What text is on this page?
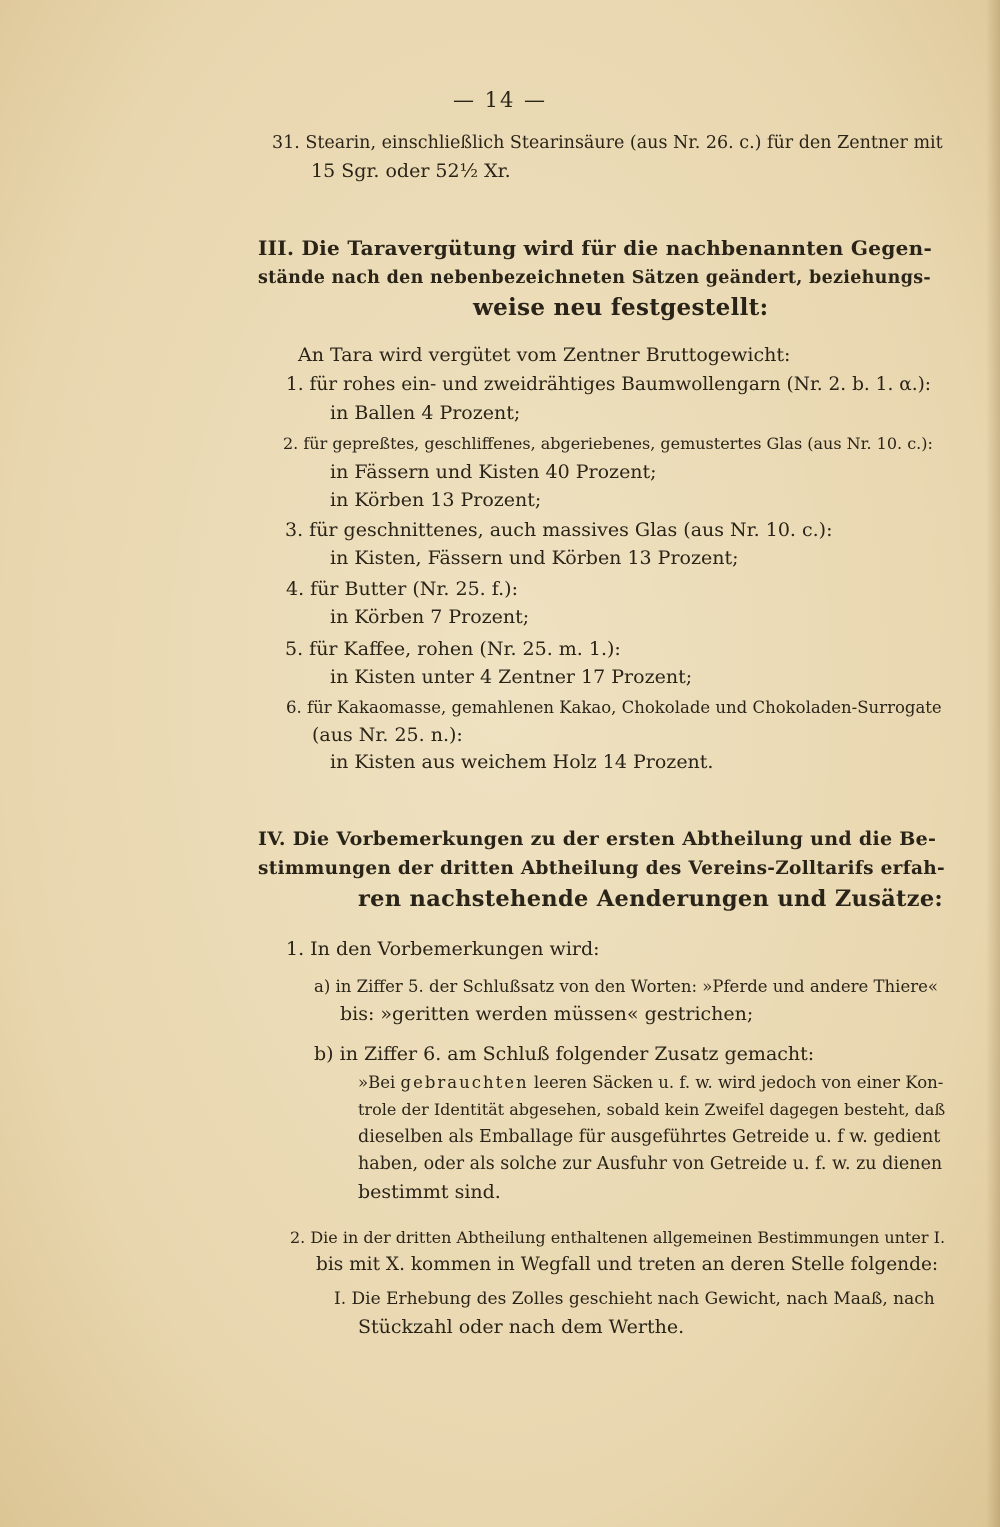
— 14 —
31. Stearin, einschließlich Stearinsäure (aus Nr. 26. c.) für den Zentner mit
15 Sgr. oder 52½ Xr.
III. Die Taravergütung wird für die nachbenannten Gegen-
stände nach den nebenbezeichneten Sätzen geändert, beziehungs-
weise neu festgestellt:
An Tara wird vergütet vom Zentner Bruttogewicht:
1. für rohes ein- und zweidrähtiges Baumwollengarn (Nr. 2. b. 1. α.):
in Ballen 4 Prozent;
2. für gepreßtes, geschliffenes, abgeriebenes, gemustertes Glas (aus Nr. 10. c.):
in Fässern und Kisten 40 Prozent;
in Körben 13 Prozent;
3. für geschnittenes, auch massives Glas (aus Nr. 10. c.):
in Kisten, Fässern und Körben 13 Prozent;
4. für Butter (Nr. 25. f.):
in Körben 7 Prozent;
5. für Kaffee, rohen (Nr. 25. m. 1.):
in Kisten unter 4 Zentner 17 Prozent;
6. für Kakaomasse, gemahlenen Kakao, Chokolade und Chokoladen-Surrogate
(aus Nr. 25. n.):
in Kisten aus weichem Holz 14 Prozent.
IV. Die Vorbemerkungen zu der ersten Abtheilung und die Be-
stimmungen der dritten Abtheilung des Vereins-Zolltarifs erfah-
ren nachstehende Aenderungen und Zusätze:
1. In den Vorbemerkungen wird:
a) in Ziffer 5. der Schlußsatz von den Worten: »Pferde und andere Thiere«
bis: »geritten werden müssen« gestrichen;
b) in Ziffer 6. am Schluß folgender Zusatz gemacht:
»Bei gebrauchten leeren Säcken u. f. w. wird jedoch von einer Kon-
trole der Identität abgesehen, sobald kein Zweifel dagegen besteht, daß
dieselben als Emballage für ausgeführtes Getreide u. f w. gedient
haben, oder als solche zur Ausfuhr von Getreide u. f. w. zu dienen
bestimmt sind.
2. Die in der dritten Abtheilung enthaltenen allgemeinen Bestimmungen unter I.
bis mit X. kommen in Wegfall und treten an deren Stelle folgende:
I. Die Erhebung des Zolles geschieht nach Gewicht, nach Maaß, nach
Stückzahl oder nach dem Werthe.
